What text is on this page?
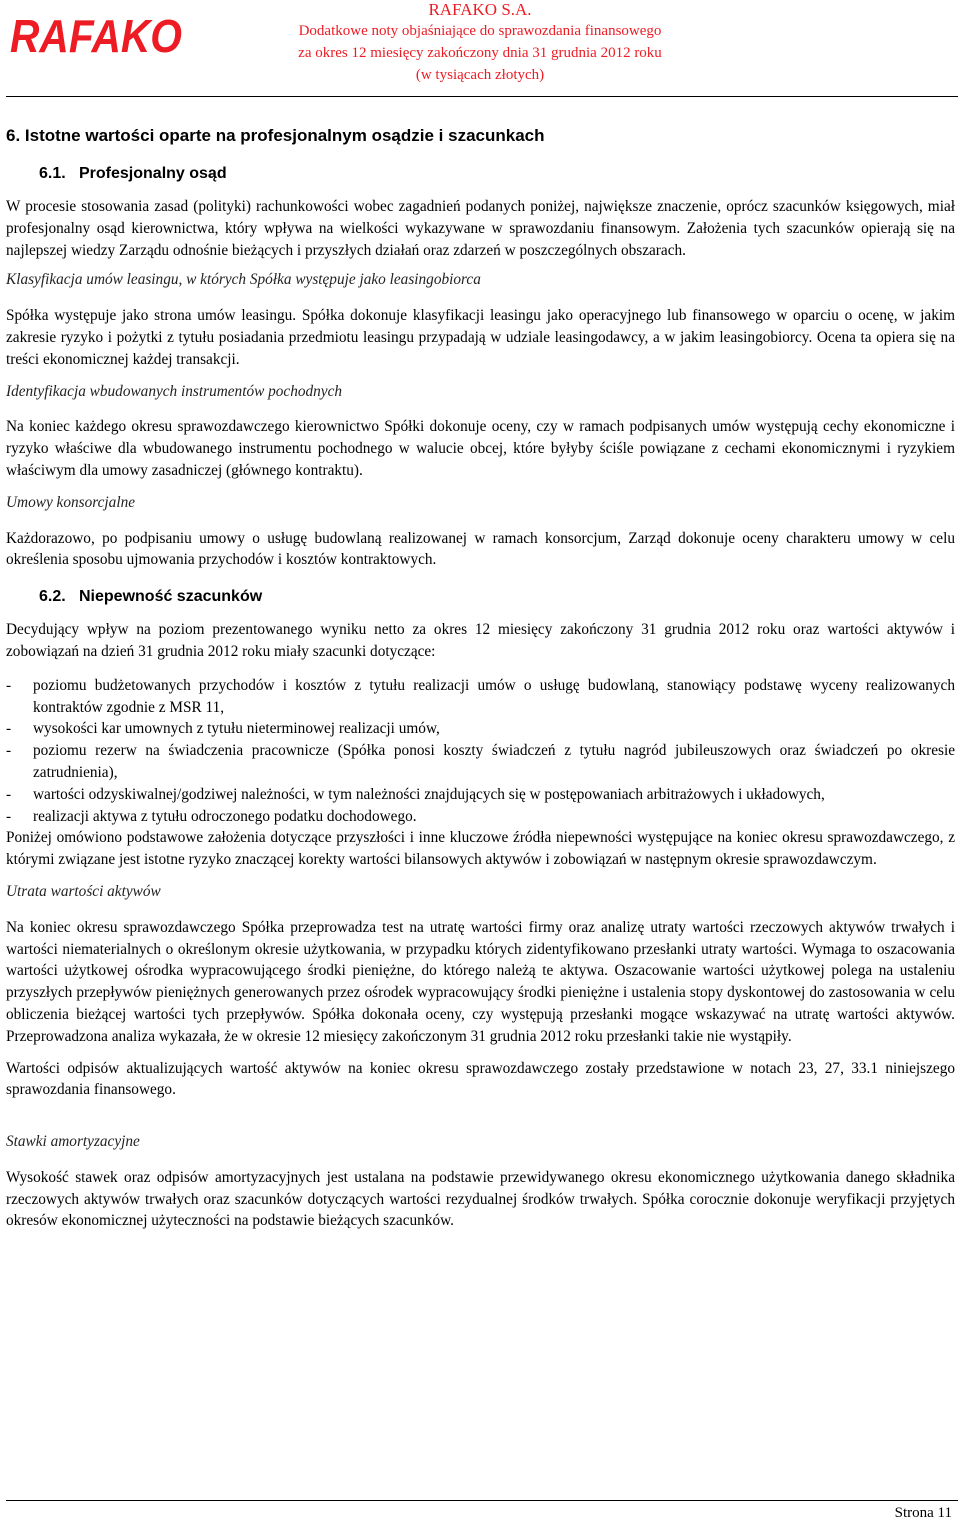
RAFAKO
RAFAKO S.A.
Dodatkowe noty objaśniające do sprawozdania finansowego
za okres 12 miesięcy zakończony dnia 31 grudnia 2012 roku
(w tysiącach złotych)
6. Istotne wartości oparte na profesjonalnym osądzie i szacunkach
6.1. Profesjonalny osąd

W procesie stosowania zasad (polityki) rachunkowości wobec zagadnień podanych poniżej, największe znaczenie, oprócz szacunków księgowych, miał profesjonalny osąd kierownictwa, który wpływa na wielkości wykazywane w sprawozdaniu finansowym. Założenia tych szacunków opierają się na najlepszej wiedzy Zarządu odnośnie bieżących i przyszłych działań oraz zdarzeń w poszczególnych obszarach.

Klasyfikacja umów leasingu, w których Spółka występuje jako leasingobiorca

Spółka występuje jako strona umów leasingu. Spółka dokonuje klasyfikacji leasingu jako operacyjnego lub finansowego w oparciu o ocenę, w jakim zakresie ryzyko i pożytki z tytułu posiadania przedmiotu leasingu przypadają w udziale leasingodawcy, a w jakim leasingobiorcy. Ocena ta opiera się na treści ekonomicznej każdej transakcji.

Identyfikacja wbudowanych instrumentów pochodnych

Na koniec każdego okresu sprawozdawczego kierownictwo Spółki dokonuje oceny, czy w ramach podpisanych umów występują cechy ekonomiczne i ryzyko właściwe dla wbudowanego instrumentu pochodnego w walucie obcej, które byłyby ściśle powiązane z cechami ekonomicznymi i ryzykiem właściwym dla umowy zasadniczej (głównego kontraktu).

Umowy konsorcjalne

Każdorazowo, po podpisaniu umowy o usługę budowlaną realizowanej w ramach konsorcjum, Zarząd dokonuje oceny charakteru umowy w celu określenia sposobu ujmowania przychodów i kosztów kontraktowych.

6.2. Niepewność szacunków

Decydujący wpływ na poziom prezentowanego wyniku netto za okres 12 miesięcy zakończony 31 grudnia 2012 roku oraz wartości aktywów i zobowiązań na dzień 31 grudnia 2012 roku miały szacunki dotyczące:

- poziomu budżetowanych przychodów i kosztów z tytułu realizacji umów o usługę budowlaną, stanowiący podstawę wyceny realizowanych kontraktów zgodnie z MSR 11,
- wysokości kar umownych z tytułu nieterminowej realizacji umów,
- poziomu rezerw na świadczenia pracownicze (Spółka ponosi koszty świadczeń z tytułu nagród jubileuszowych oraz świadczeń po okresie zatrudnienia),
- wartości odzyskiwalnej/godziwej należności, w tym należności znajdujących się w postępowaniach arbitrażowych i układowych,
- realizacji aktywa z tytułu odroczonego podatku dochodowego.

Poniżej omówiono podstawowe założenia dotyczące przyszłości i inne kluczowe źródła niepewności występujące na koniec okresu sprawozdawczego, z którymi związane jest istotne ryzyko znaczącej korekty wartości bilansowych aktywów i zobowiązań w następnym okresie sprawozdawczym.

Utrata wartości aktywów

Na koniec okresu sprawozdawczego Spółka przeprowadza test na utratę wartości firmy oraz analizę utraty wartości rzeczowych aktywów trwałych i wartości niematerialnych o określonym okresie użytkowania, w przypadku których zidentyfikowano przesłanki utraty wartości. Wymaga to oszacowania wartości użytkowej ośrodka wypracowującego środki pieniężne, do którego należą te aktywa. Oszacowanie wartości użytkowej polega na ustaleniu przyszłych przepływów pieniężnych generowanych przez ośrodek wypracowujący środki pieniężne i ustalenia stopy dyskontowej do zastosowania w celu obliczenia bieżącej wartości tych przepływów. Spółka dokonała oceny, czy występują przesłanki mogące wskazywać na utratę wartości aktywów. Przeprowadzona analiza wykazała, że w okresie 12 miesięcy zakończonym 31 grudnia 2012 roku przesłanki takie nie wystąpiły.

Wartości odpisów aktualizujących wartość aktywów na koniec okresu sprawozdawczego zostały przedstawione w notach 23, 27, 33.1 niniejszego sprawozdania finansowego.

Stawki amortyzacyjne

Wysokość stawek oraz odpisów amortyzacyjnych jest ustalana na podstawie przewidywanego okresu ekonomicznego użytkowania danego składnika rzeczowych aktywów trwałych oraz szacunków dotyczących wartości rezydualnej środków trwałych. Spółka corocznie dokonuje weryfikacji przyjętych okresów ekonomicznej użyteczności na podstawie bieżących szacunków.

Strona 11
